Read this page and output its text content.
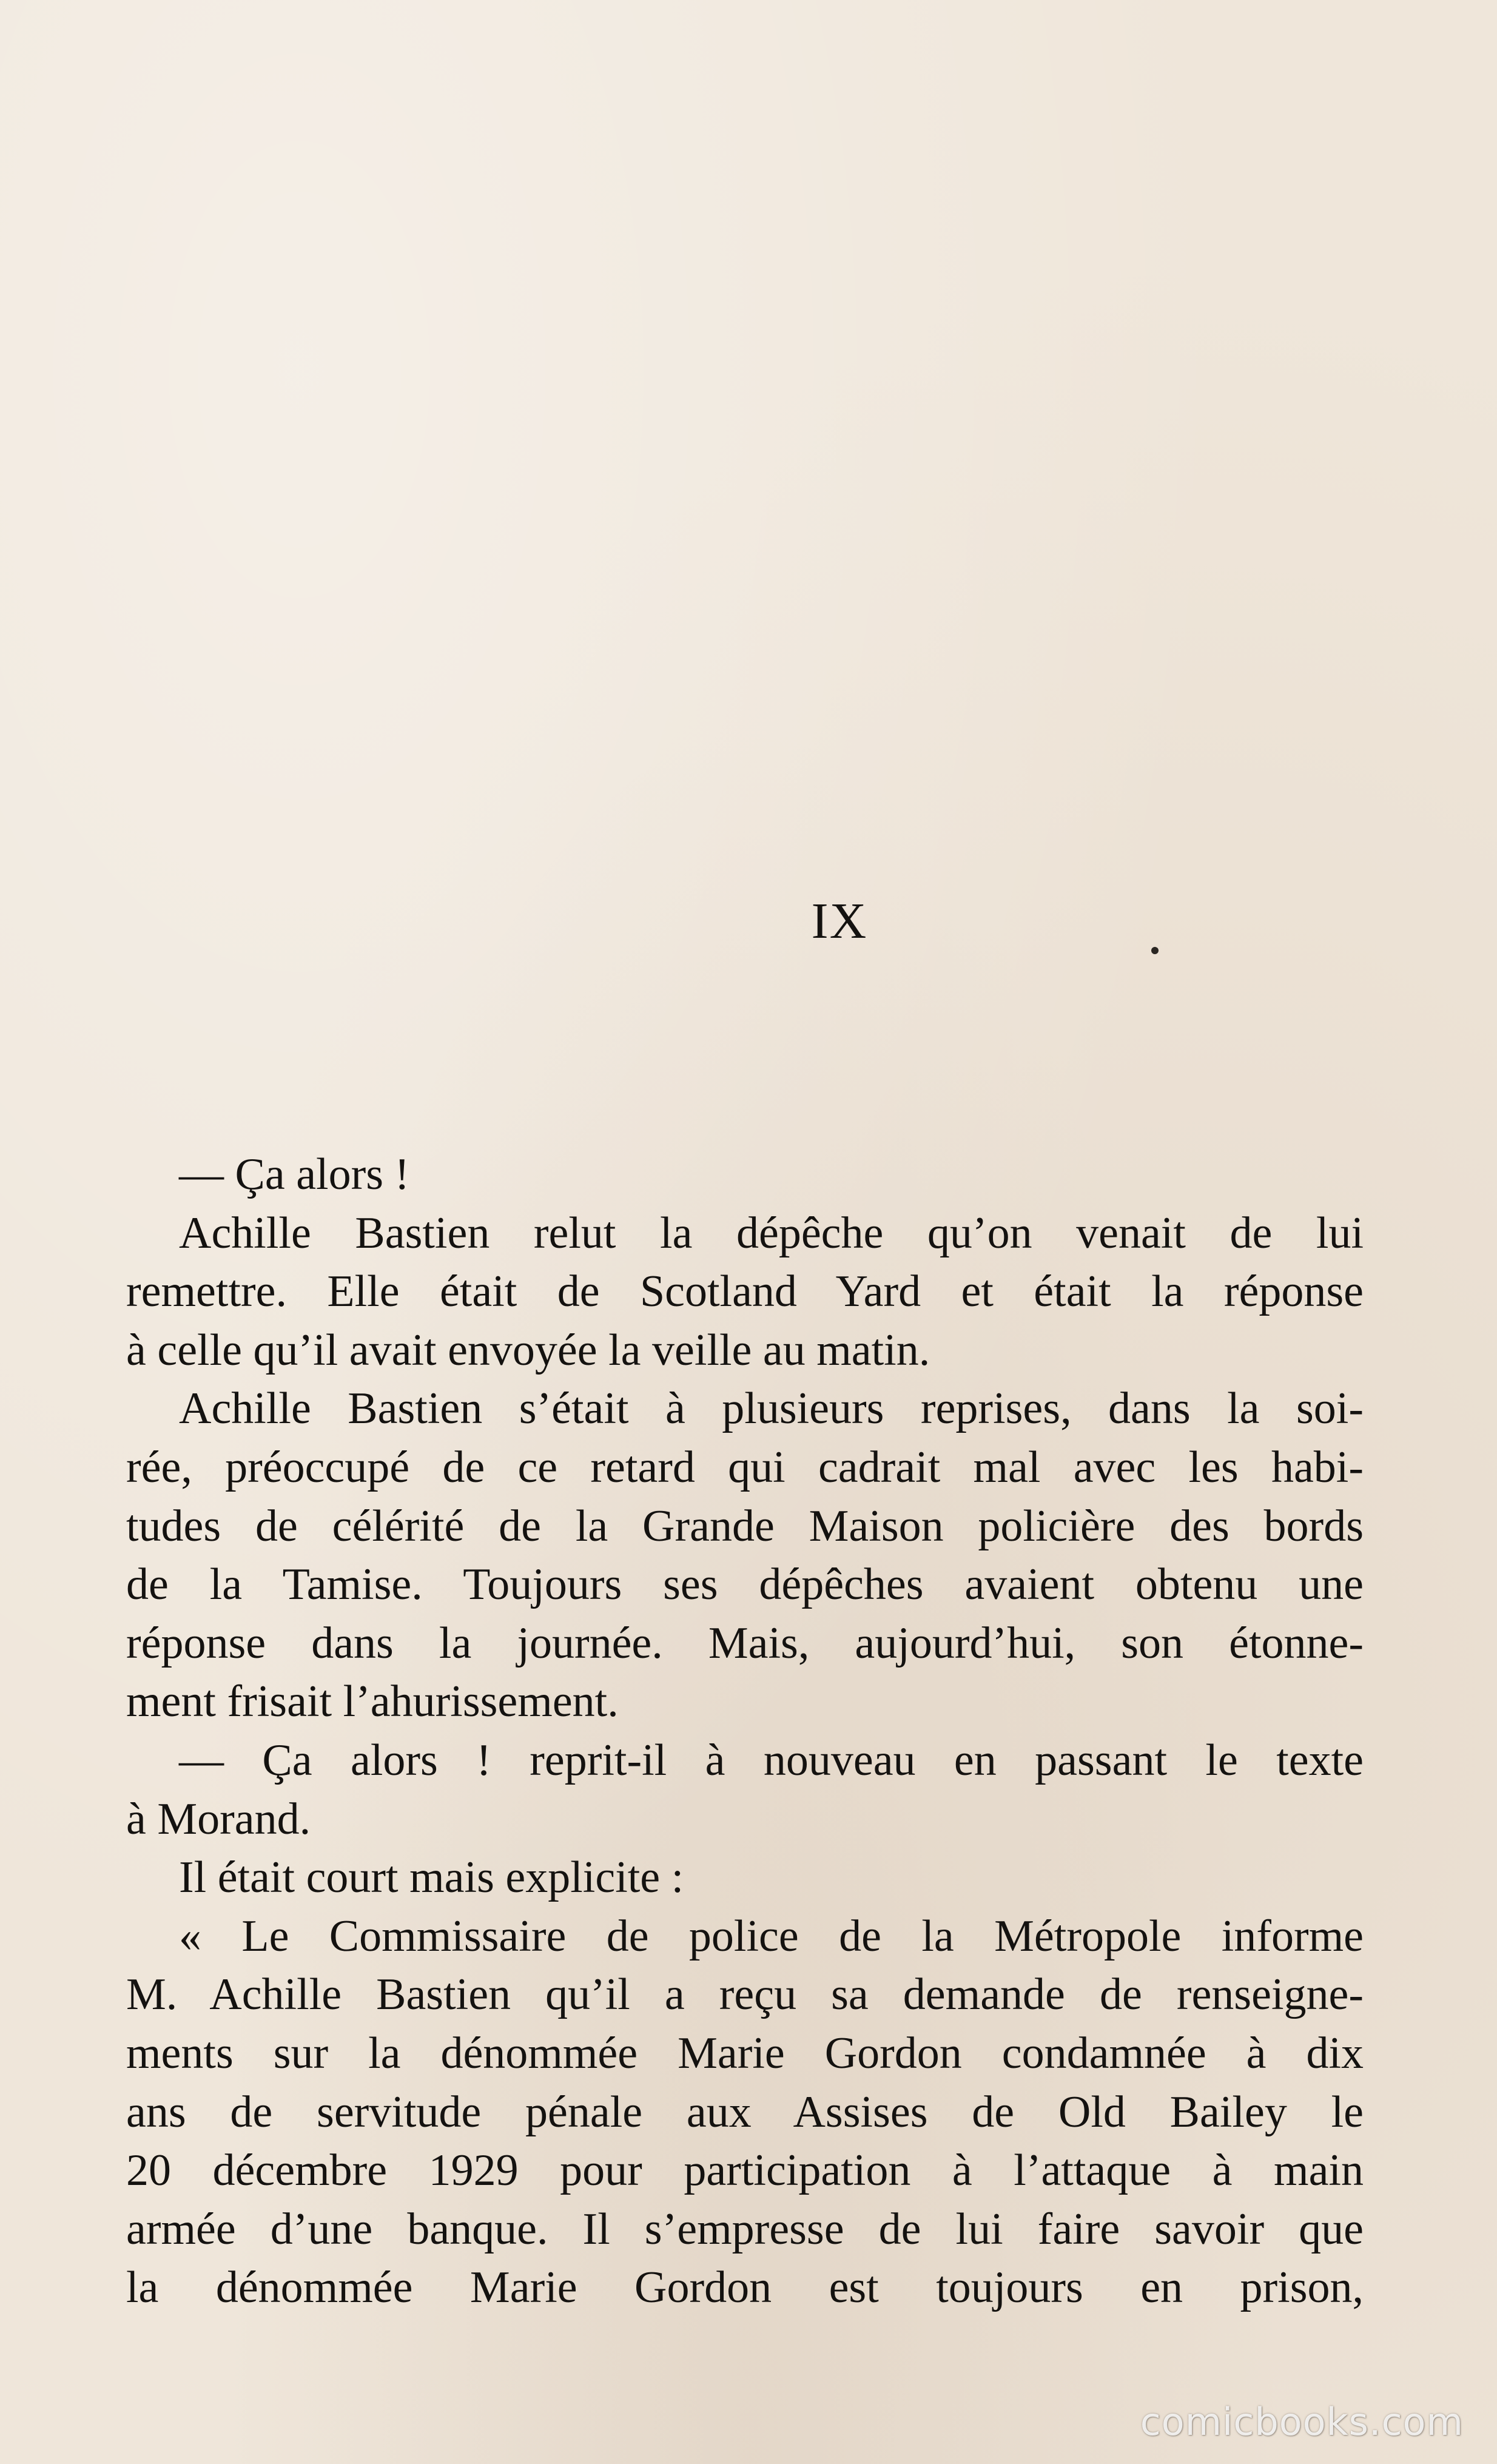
IX
— Ça alors !
Achille Bastien relut la dépêche qu’on venait de lui
remettre. Elle était de Scotland Yard et était la réponse
à celle qu’il avait envoyée la veille au matin.
Achille Bastien s’était à plusieurs reprises, dans la soi-
rée, préoccupé de ce retard qui cadrait mal avec les habi-
tudes de célérité de la Grande Maison policière des bords
de la Tamise. Toujours ses dépêches avaient obtenu une
réponse dans la journée. Mais, aujourd’hui, son étonne-
ment frisait l’ahurissement.
— Ça alors ! reprit-il à nouveau en passant le texte
à Morand.
Il était court mais explicite :
« Le Commissaire de police de la Métropole informe
M. Achille Bastien qu’il a reçu sa demande de renseigne-
ments sur la dénommée Marie Gordon condamnée à dix
ans de servitude pénale aux Assises de Old Bailey le
20 décembre 1929 pour participation à l’attaque à main
armée d’une banque. Il s’empresse de lui faire savoir que
la dénommée Marie Gordon est toujours en prison,
comicbooks.com
